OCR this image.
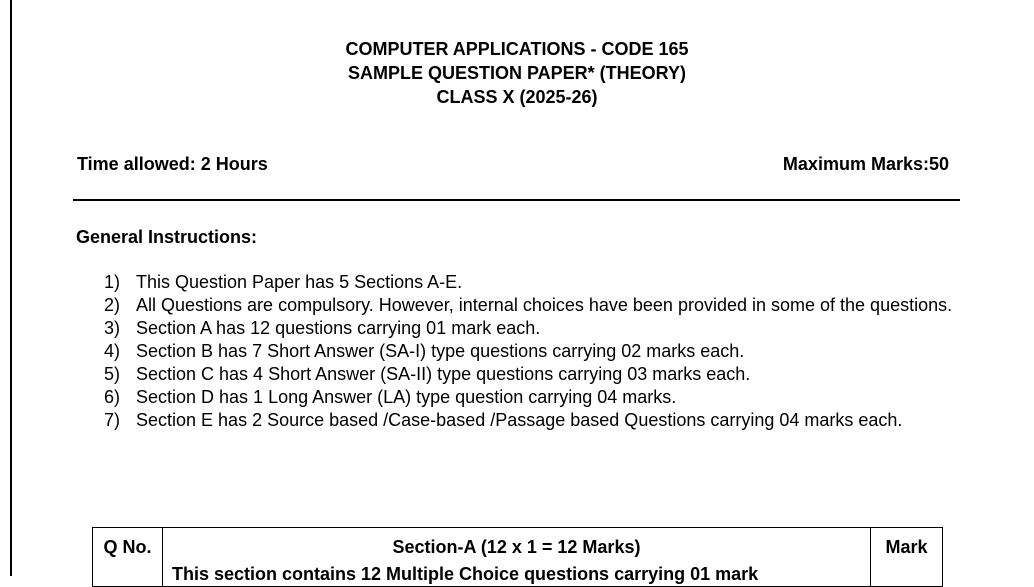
COMPUTER APPLICATIONS - CODE 165
SAMPLE QUESTION PAPER* (THEORY)
CLASS X (2025-26)
Time allowed: 2 Hours	Maximum Marks:50
General Instructions:
1) This Question Paper has 5 Sections A-E.
2) All Questions are compulsory. However, internal choices have been provided in some of the questions.
3) Section A has 12 questions carrying 01 mark each.
4) Section B has 7 Short Answer (SA-I) type questions carrying 02 marks each.
5) Section C has 4 Short Answer (SA-II) type questions carrying 03 marks each.
6) Section D has 1 Long Answer (LA) type question carrying 04 marks.
7) Section E has 2 Source based /Case-based /Passage based Questions carrying 04 marks each.
Q No.	Section-A (12 x 1 = 12 Marks)	Mark
This section contains 12 Multiple Choice questions carrying 01 mark
